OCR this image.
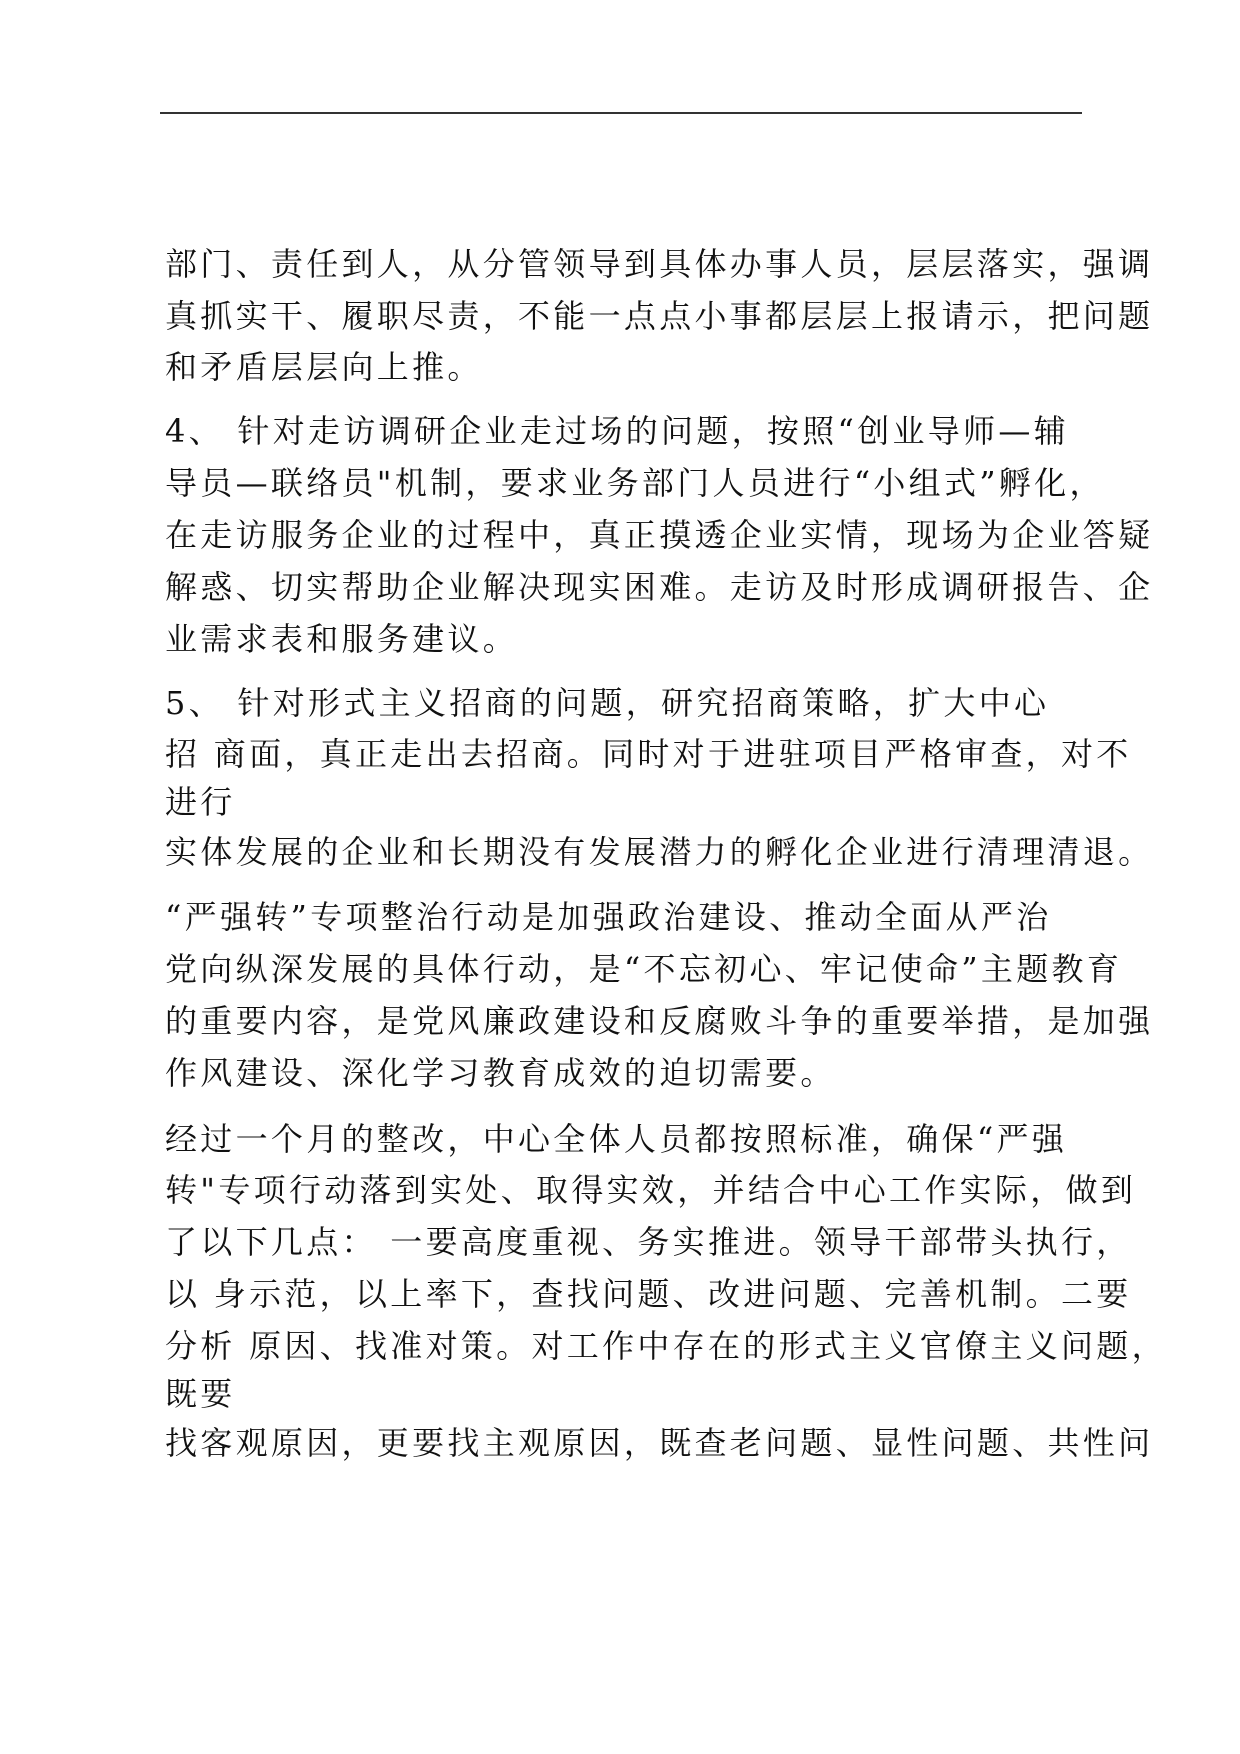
部门、责任到人，从分管领导到具体办事人员，层层落实，强调
真抓实干、履职尽责，不能一点点小事都层层上报请示，把问题
和矛盾层层向上推。
4、 针对走访调研企业走过场的问题，按照“创业导师—辅
导员—联络员"机制，要求业务部门人员进行“小组式”孵化，
在走访服务企业的过程中，真正摸透企业实情，现场为企业答疑
解惑、切实帮助企业解决现实困难。走访及时形成调研报告、企
业需求表和服务建议。
5、 针对形式主义招商的问题，研究招商策略，扩大中心
招 商面，真正走出去招商。同时对于进驻项目严格审查，对不
进行
实体发展的企业和长期没有发展潜力的孵化企业进行清理清退。
“严强转”专项整治行动是加强政治建设、推动全面从严治
党向纵深发展的具体行动，是“不忘初心、牢记使命”主题教育
的重要内容，是党风廉政建设和反腐败斗争的重要举措，是加强
作风建设、深化学习教育成效的迫切需要。
经过一个月的整改，中心全体人员都按照标准，确保“严强
转"专项行动落到实处、取得实效，并结合中心工作实际，做到
了以下几点： 一要高度重视、务实推进。领导干部带头执行，
以 身示范，以上率下，查找问题、改进问题、完善机制。二要
分析 原因、找准对策。对工作中存在的形式主义官僚主义问题，
既要
找客观原因，更要找主观原因，既查老问题、显性问题、共性问
